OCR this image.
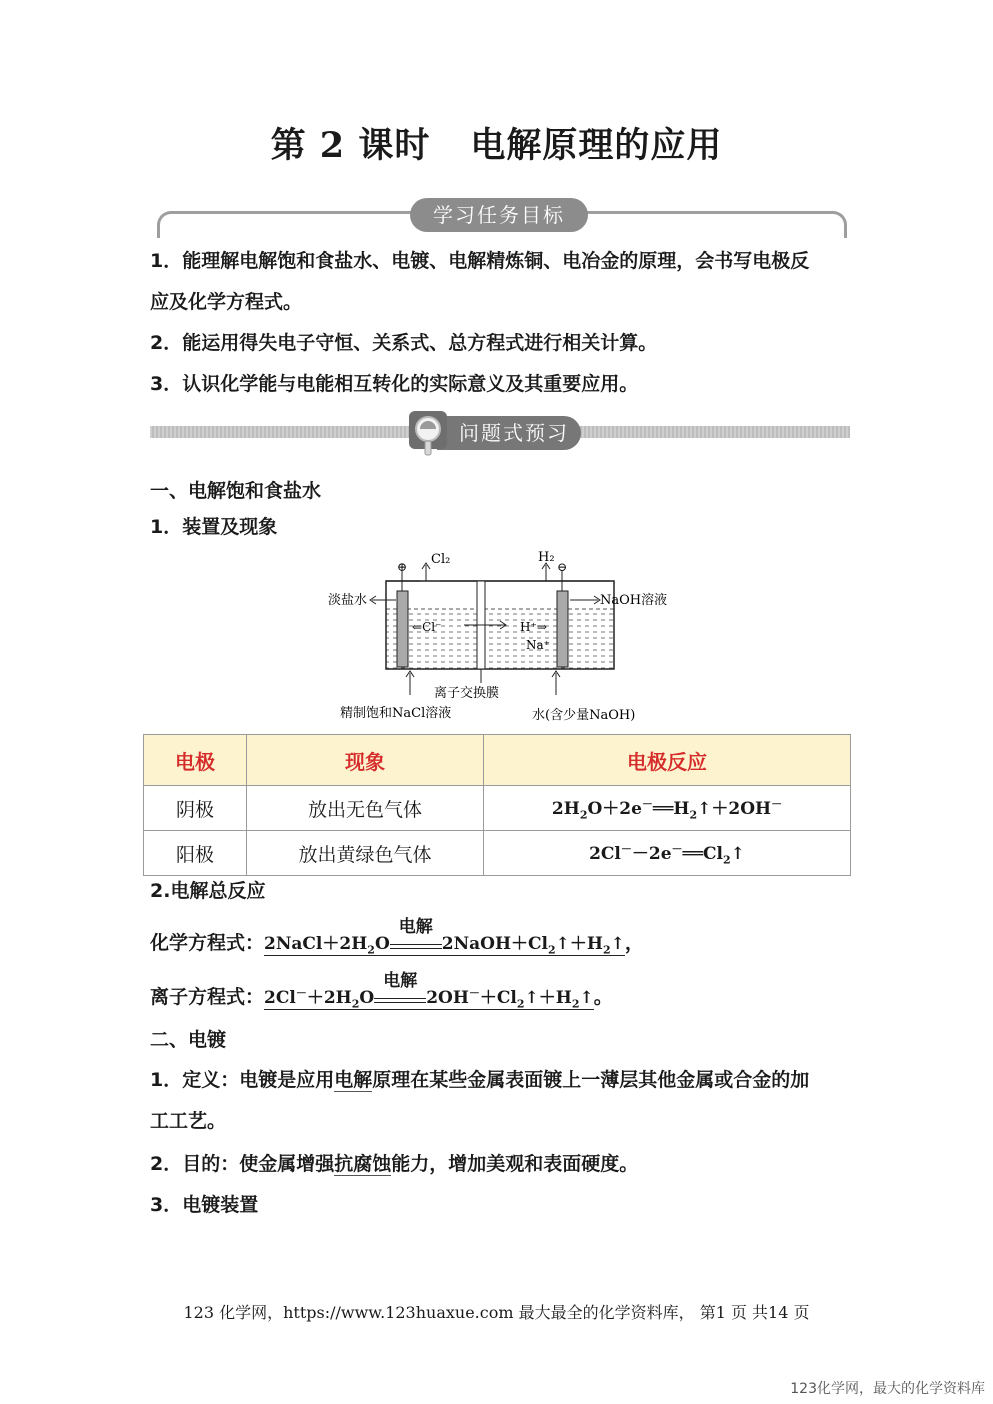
第 2 课时 电解原理的应用
学习任务目标
1．能理解电解饱和食盐水、电镀、电解精炼铜、电冶金的原理，会书写电极反
应及化学方程式。
2．能运用得失电子守恒、关系式、总方程式进行相关计算。
3．认识化学能与电能相互转化的实际意义及其重要应用。
问题式预习
一、电解饱和食盐水
1．装置及现象
⊕	⊖
Cl₂	H₂
淡盐水	NaOH溶液
⇐Cl⁻	H⁺⇒
Na⁺
离子交换膜
精制饱和NaCl溶液	水(含少量NaOH)
电极	现象	电极反应
阴极	放出无色气体	$2H_2O+2e^-══H_2↑+2OH^-$
阳极	放出黄绿色气体	$2Cl^--2e^-══Cl_2↑$
2.电解总反应
化学方程式：$2NaCl+2H_2O$
电解
$2NaOH+Cl_2↑+H_2↑$，
离子方程式：$2Cl^-+2H_2O$
电解
$2OH^-+Cl_2↑+H_2↑$。
二、电镀
1．定义：电镀是应用电解原理在某些金属表面镀上一薄层其他金属或合金的加
工工艺。
2．目的：使金属增强抗腐蚀能力，增加美观和表面硬度。
3．电镀装置
123 化学网，https://www.123huaxue.com 最大最全的化学资料库， 第1 页 共14 页
123化学网，最大的化学资料库
